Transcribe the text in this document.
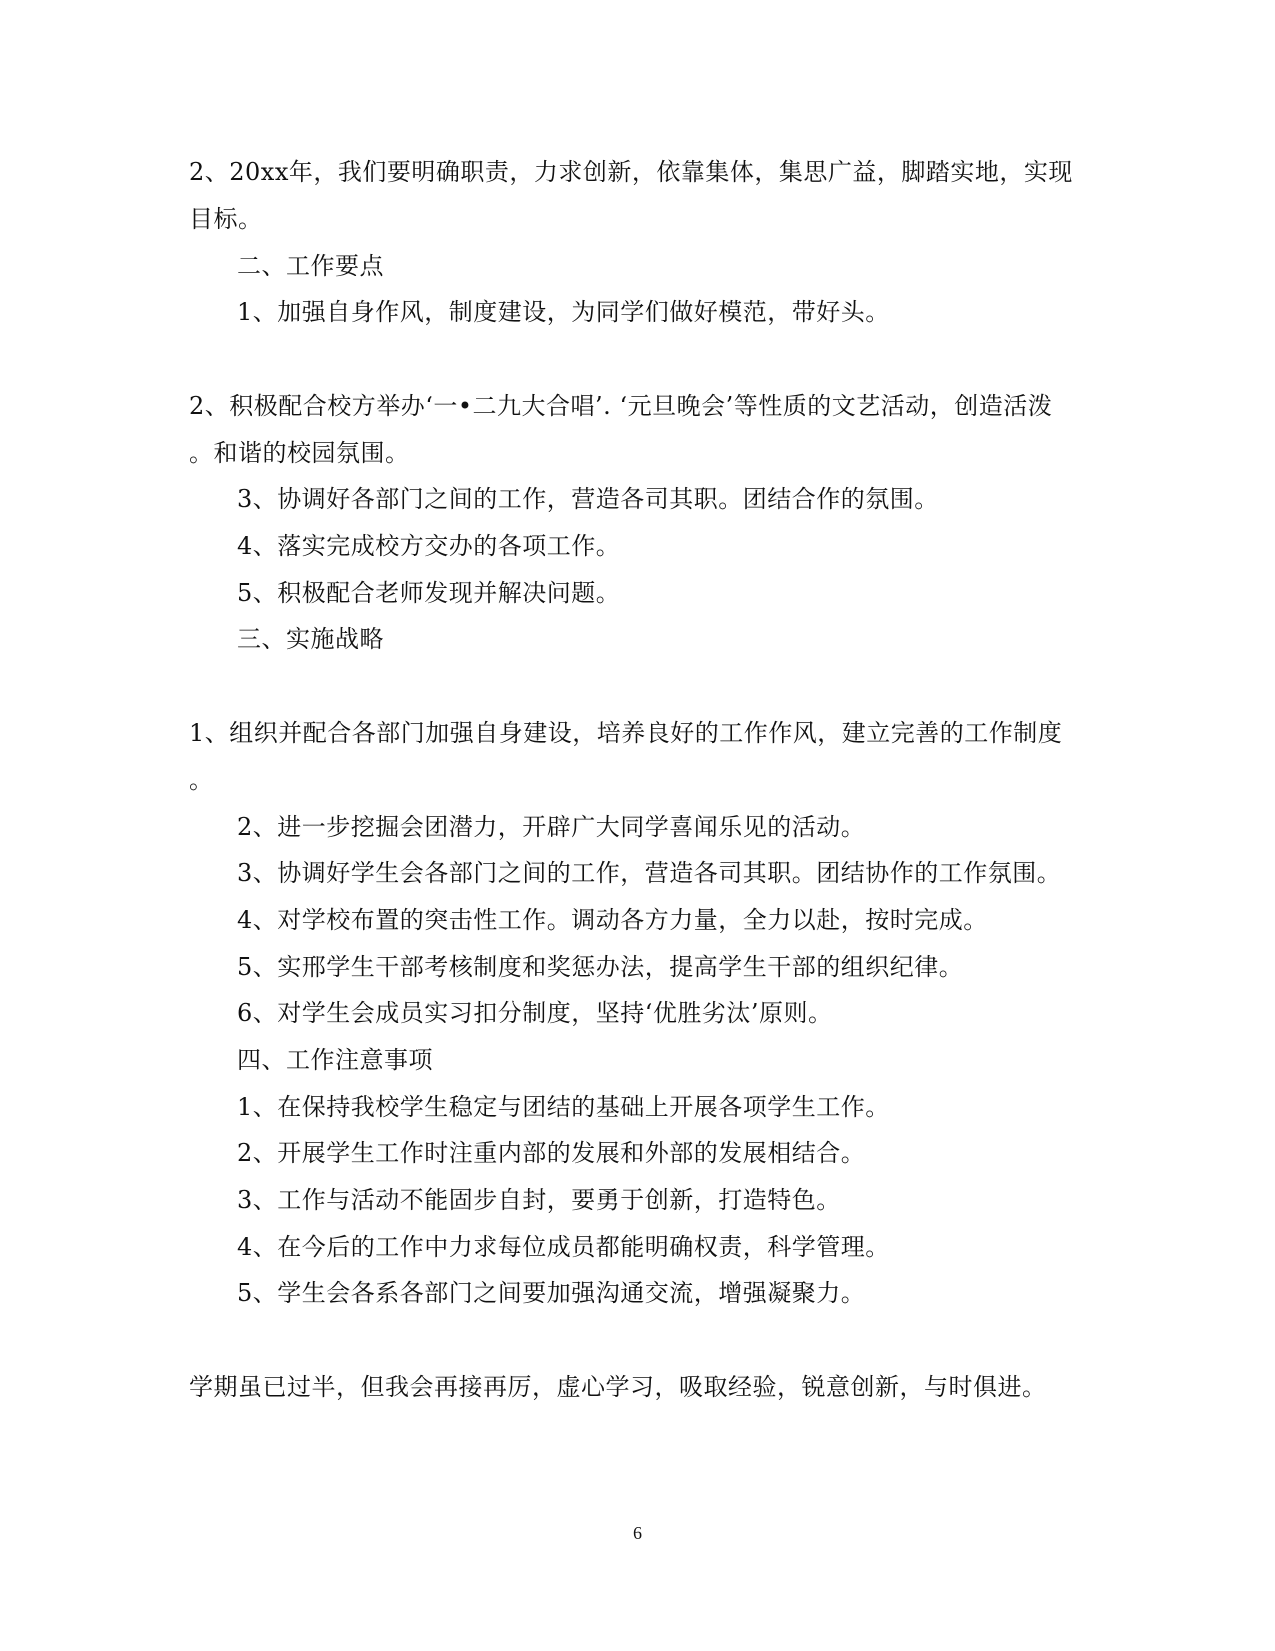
2、20xx年，我们要明确职责，力求创新，依靠集体，集思广益，脚踏实地，实现
目标。
二、工作要点
1、加强自身作风，制度建设，为同学们做好模范，带好头。
2、积极配合校方举办‘一•二九大合唱’. ‘元旦晚会’等性质的文艺活动，创造活泼
。和谐的校园氛围。
3、协调好各部门之间的工作，营造各司其职。团结合作的氛围。
4、落实完成校方交办的各项工作。
5、积极配合老师发现并解决问题。
三、实施战略
1、组织并配合各部门加强自身建设，培养良好的工作作风，建立完善的工作制度
。
2、进一步挖掘会团潜力，开辟广大同学喜闻乐见的活动。
3、协调好学生会各部门之间的工作，营造各司其职。团结协作的工作氛围。
4、对学校布置的突击性工作。调动各方力量，全力以赴，按时完成。
5、实邢学生干部考核制度和奖惩办法，提高学生干部的组织纪律。
6、对学生会成员实习扣分制度，坚持‘优胜劣汰’原则。
四、工作注意事项
1、在保持我校学生稳定与团结的基础上开展各项学生工作。
2、开展学生工作时注重内部的发展和外部的发展相结合。
3、工作与活动不能固步自封，要勇于创新，打造特色。
4、在今后的工作中力求每位成员都能明确权责，科学管理。
5、学生会各系各部门之间要加强沟通交流，增强凝聚力。
学期虽已过半，但我会再接再厉，虚心学习，吸取经验，锐意创新，与时俱进。
6
